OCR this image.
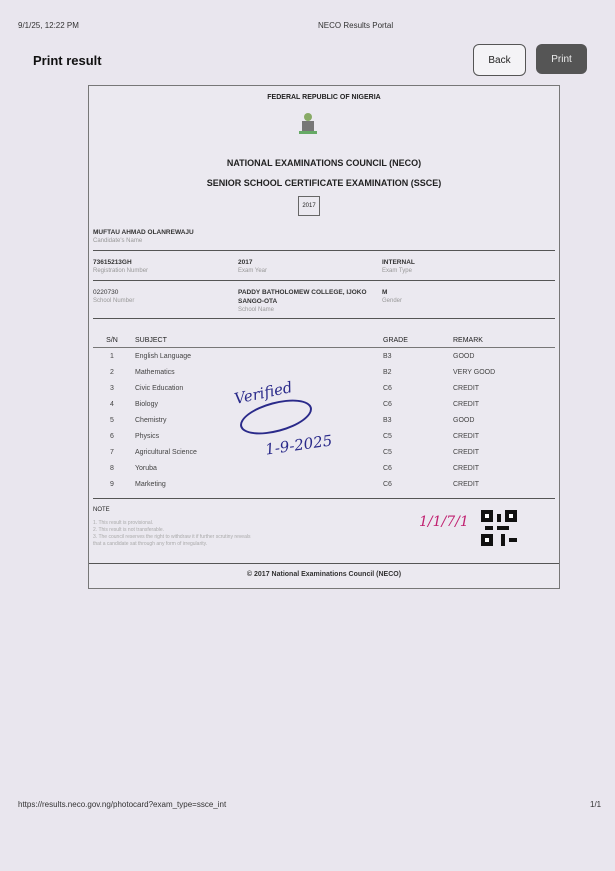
9/1/25, 12:22 PM	NECO Results Portal
Print result	Back	Print
FEDERAL REPUBLIC OF NIGERIA
NATIONAL EXAMINATIONS COUNCIL (NECO)
SENIOR SCHOOL CERTIFICATE EXAMINATION (SSCE)
2017
MUFTAU AHMAD OLANREWAJU
Candidate's Name
73615213GH
Registration Number
2017
Exam Year
INTERNAL
Exam Type
0220730
School Number
PADDY BATHOLOMEW COLLEGE, IJOKO
SANGO-OTA
School Name
M
Gender
S/N	SUBJECT	GRADE	REMARK
1	English Language	B3	GOOD
2	Mathematics	B2	VERY GOOD
3	Civic Education	C6	CREDIT
4	Biology	C6	CREDIT
5	Chemistry	B3	GOOD
6	Physics	C5	CREDIT
7	Agricultural Science	C5	CREDIT
8	Yoruba	C6	CREDIT
9	Marketing	C6	CREDIT
NOTE
1. This result is provisional.
2. This result is not transferable.
3. The council reserves the right to withdraw it if further scrutiny reveals
that a candidate sat through any form of irregularity.
© 2017 National Examinations Council (NECO)
Verified
1-9-2025
1/1/7/1
https://results.neco.gov.ng/photocard?exam_type=ssce_int	1/1
